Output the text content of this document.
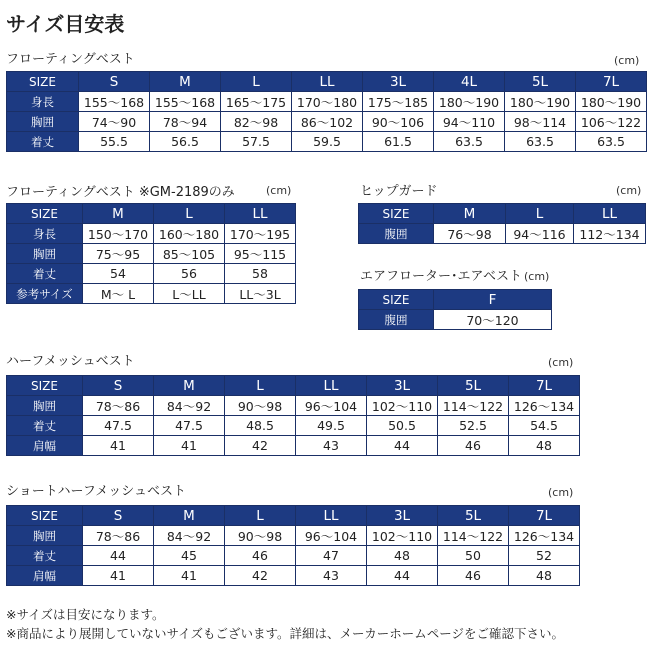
サイズ目安表
フローティングベスト	(cm)
SIZE	S	M	L	LL	3L	4L	5L	7L
身長	155〜168	155〜168	165〜175	170〜180	175〜185	180〜190	180〜190	180〜190
胸囲	74〜90	78〜94	82〜98	86〜102	90〜106	94〜110	98〜114	106〜122
着丈	55.5	56.5	57.5	59.5	61.5	63.5	63.5	63.5
フローティングベスト ※GM-2189のみ	(cm)
SIZE	M	L	LL
身長	150〜170	160〜180	170〜195
胸囲	75〜95	85〜105	95〜115
着丈	54	56	58
参考サイズ	M〜 L	L〜LL	LL〜3L
ヒップガード	(cm)
SIZE	M	L	LL
腹囲	76〜98	94〜116	112〜134
エアフローター･エアベスト (cm)
SIZE	F
腹囲	70〜120
ハーフメッシュベスト	(cm)
SIZE	S	M	L	LL	3L	5L	7L
胸囲	78〜86	84〜92	90〜98	96〜104	102〜110	114〜122	126〜134
着丈	47.5	47.5	48.5	49.5	50.5	52.5	54.5
肩幅	41	41	42	43	44	46	48
ショートハーフメッシュベスト	(cm)
SIZE	S	M	L	LL	3L	5L	7L
胸囲	78〜86	84〜92	90〜98	96〜104	102〜110	114〜122	126〜134
着丈	44	45	46	47	48	50	52
肩幅	41	41	42	43	44	46	48
※サイズは目安になります。
※商品により展開していないサイズもございます。詳細は、メーカーホームページをご確認下さい。
